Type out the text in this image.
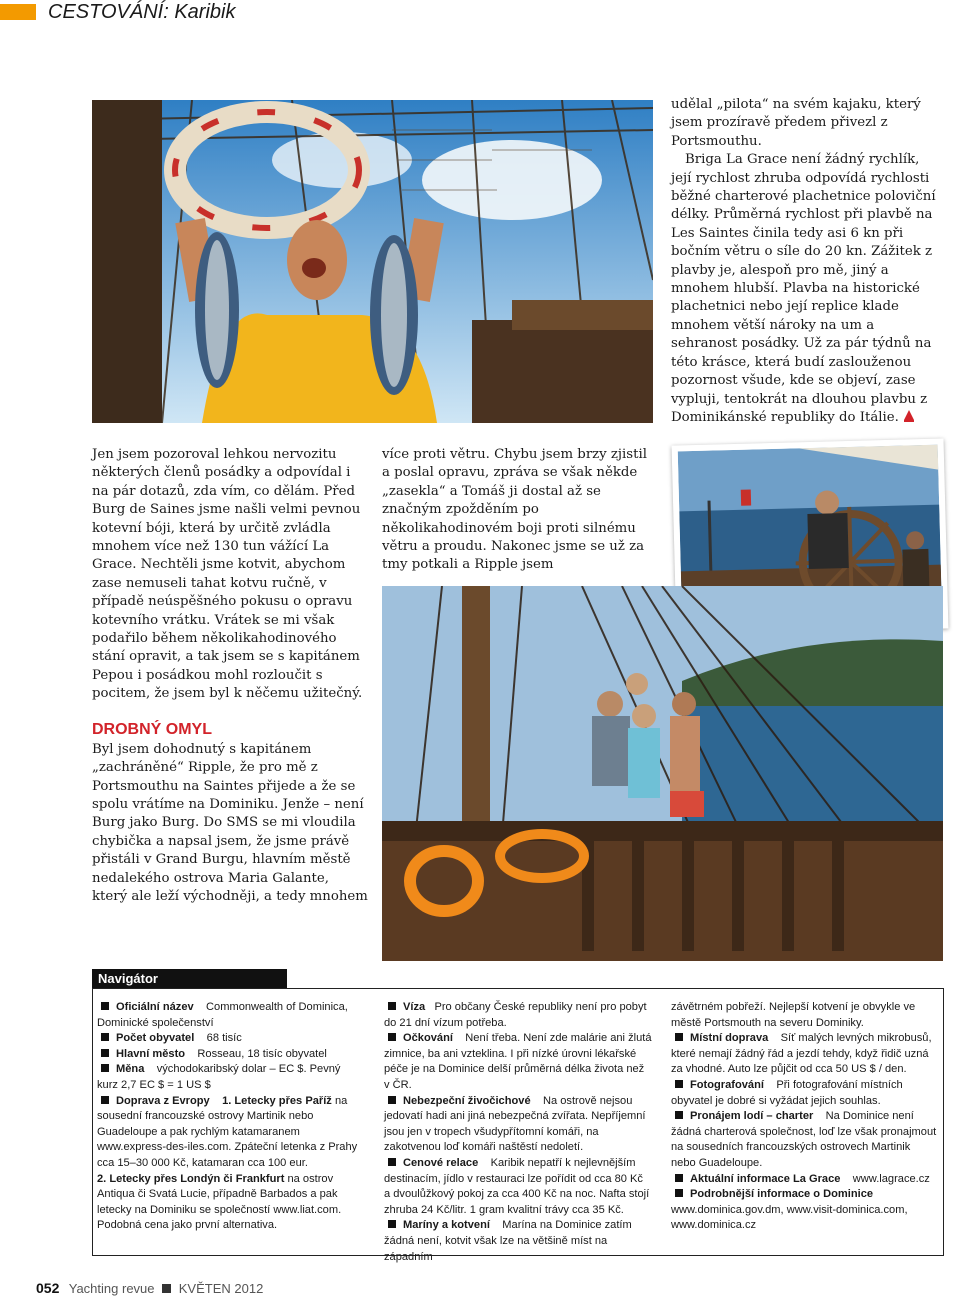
CESTOVÁNÍ: Karibik

udělal „pilota“ na svém kajaku, který jsem prozíravě předem přivezl z Portsmouthu.

Briga La Grace není žádný rychlík, její rychlost zhruba odpovídá rychlosti běžné charterové plachetnice poloviční délky. Průměrná rychlost při plavbě na Les Saintes činila tedy asi 6 kn při bočním větru o síle do 20 kn. Zážitek z plavby je, alespoň pro mě, jiný a mnohem hlubší. Plavba na historické plachetnici nebo její replice klade mnohem větší nároky na um a sehranost posádky. Už za pár týdnů na této krásce, která budí zaslouženou pozornost všude, kde se objeví, zase vypluji, tentokrát na dlouhou plavbu z Dominikánské republiky do Itálie.

Jen jsem pozoroval lehkou nervozitu některých členů posádky a odpovídal i na pár dotazů, zda vím, co dělám. Před Burg de Saines jsme našli velmi pevnou kotevní bóji, která by určitě zvládla mnohem více než 130 tun vážící La Grace. Nechtěli jsme kotvit, abychom zase nemuseli tahat kotvu ručně, v případě neúspěšného pokusu o opravu kotevního vrátku. Vrátek se mi však podařilo během několikahodinového stání opravit, a tak jsem se s kapitánem Pepou i posádkou mohl rozloučit s pocitem, že jsem byl k něčemu užitečný.

DROBNÝ OMYL

Byl jsem dohodnutý s kapitánem „zachráněné“ Ripple, že pro mě z Portsmouthu na Saintes přijede a že se spolu vrátíme na Dominiku. Jenže – není Burg jako Burg. Do SMS se mi vloudila chybička a napsal jsem, že jsme právě přistáli v Grand Burgu, hlavním městě nedalekého ostrova Maria Galante, který ale leží východněji, a tedy mnohem

více proti větru. Chybu jsem brzy zjistil a poslal opravu, zpráva se však někde „zasekla“ a Tomáš ji dostal až se značným zpožděním po několikahodinovém boji proti silnému větru a proudu. Nakonec jsme se už za tmy potkali a Ripple jsem

Navigátor
Oficiální název Commonwealth of Dominica, Dominické společenství
Počet obyvatel 68 tisíc
Hlavní město Rosseau, 18 tisíc obyvatel
Měna východokaribský dolar – EC $. Pevný kurz 2,7 EC $ = 1 US $
Doprava z Evropy 1. Letecky přes Paříž na sousední francouzské ostrovy Martinik nebo Guadeloupe a pak rychlým katamaranem www.express-des-iles.com. Zpáteční letenka z Prahy cca 15–30 000 Kč, katamaran cca 100 eur.
2. Letecky přes Londýn či Frankfurt na ostrov Antiqua či Svatá Lucie, případně Barbados a pak letecky na Dominiku se společností www.liat.com. Podobná cena jako první alternativa.
Víza Pro občany České republiky není pro pobyt do 21 dní vízum potřeba.
Očkování Není třeba. Není zde malárie ani žlutá zimnice, ba ani vzteklina. I při nízké úrovni lékařské péče je na Dominice delší průměrná délka života než v ČR.
Nebezpeční živočichové Na ostrově nejsou jedovatí hadi ani jiná nebezpečná zvířata. Nepříjemní jsou jen v tropech všudypřítomní komáři, na zakotvenou loď komáři naštěstí nedoletí.
Cenové relace Karibik nepatří k nejlevnějším destinacím, jídlo v restauraci lze pořídit od cca 80 Kč a dvoulůžkový pokoj za cca 400 Kč na noc. Nafta stojí zhruba 24 Kč/litr. 1 gram kvalitní trávy cca 35 Kč.
Maríny a kotvení Marína na Dominice zatím žádná není, kotvit však lze na většině míst na západním
závětrném pobřeží. Nejlepší kotvení je obvykle ve městě Portsmouth na severu Dominiky.
Místní doprava Síť malých levných mikrobusů, které nemají žádný řád a jezdí tehdy, když řidič uzná za vhodné. Auto lze půjčit od cca 50 US $ / den.
Fotografování Při fotografování místních obyvatel je dobré si vyžádat jejich souhlas.
Pronájem lodí – charter Na Dominice není žádná charterová společnost, loď lze však pronajmout na sousedních francouzských ostrovech Martinik nebo Guadeloupe.
Aktuální informace La Grace www.lagrace.cz
Podrobnější informace o Dominice www.dominica.gov.dm, www.visit-dominica.com, www.dominica.cz
052 Yachting revue KVĚTEN 2012
